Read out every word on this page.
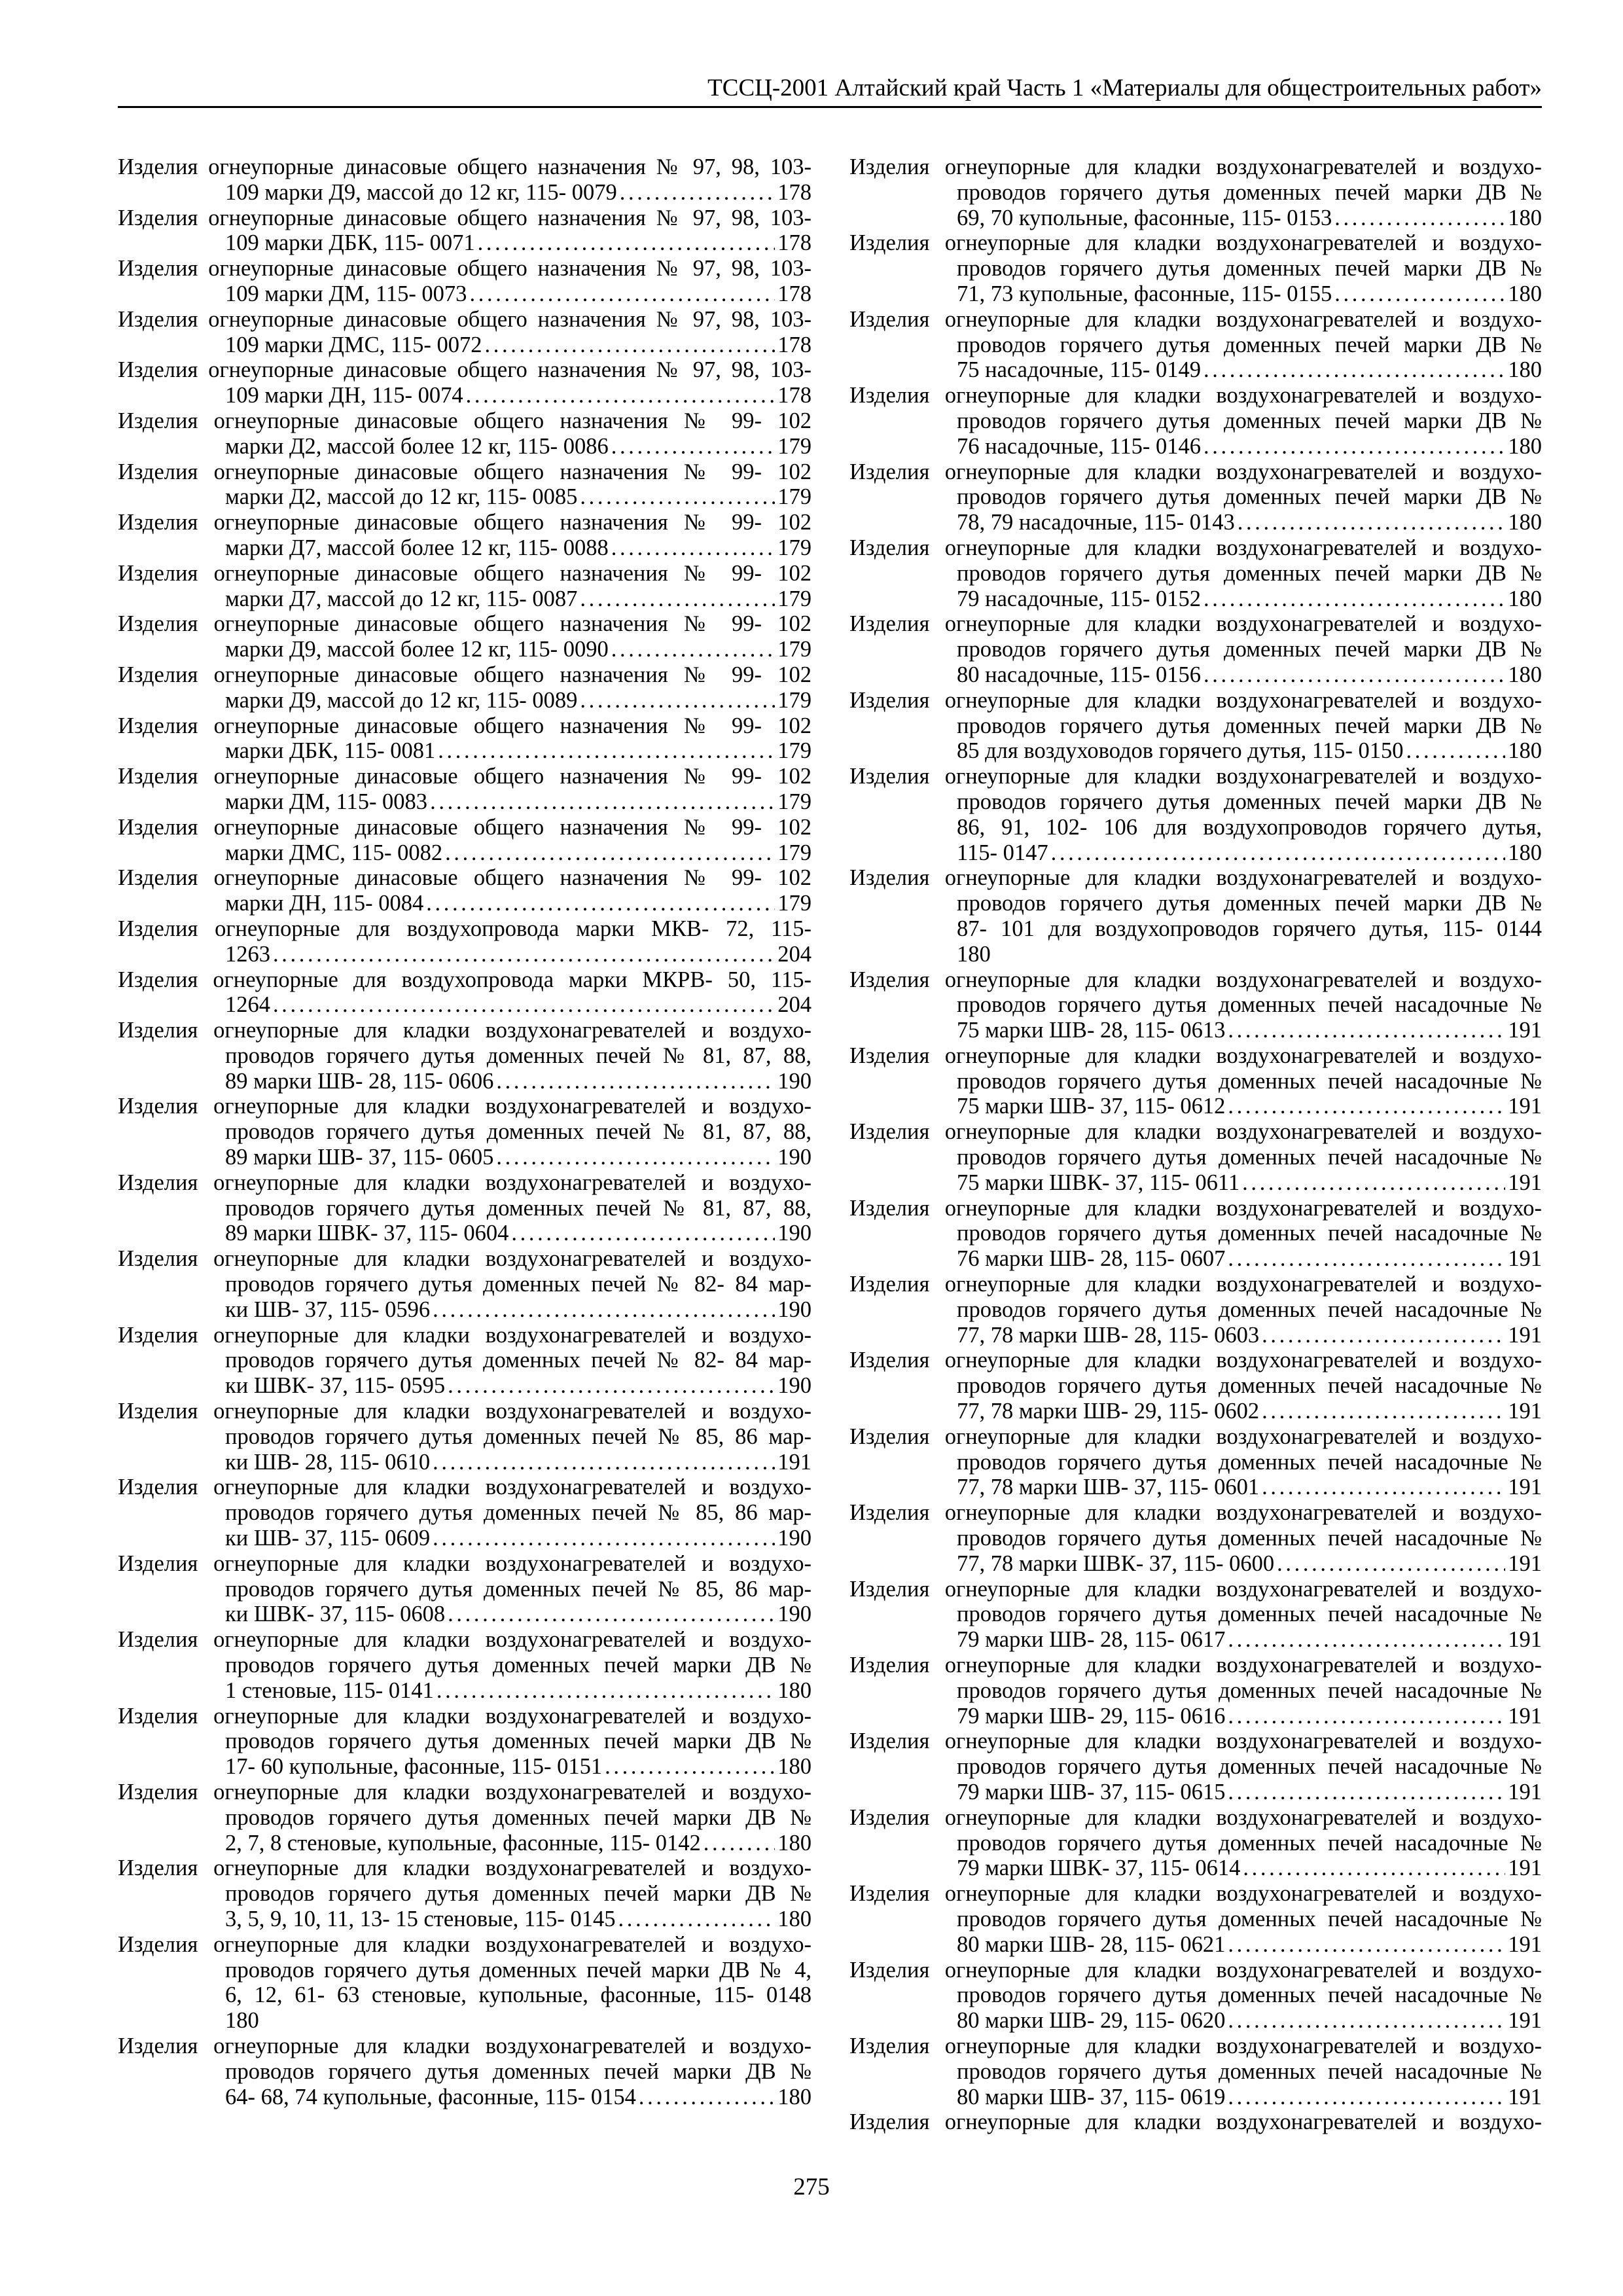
ТССЦ-2001 Алтайский край Часть 1 «Материалы для общестроительных работ»
Изделия огнеупорные динасовые общего назначения № 97, 98, 103-
109 марки Д9, массой до 12 кг, 115- 0079 . . .	178
Изделия огнеупорные динасовые общего назначения № 97, 98, 103-
109 марки ДБК, 115- 0071 . . .	178
Изделия огнеупорные динасовые общего назначения № 97, 98, 103-
109 марки ДМ, 115- 0073 . . .	178
Изделия огнеупорные динасовые общего назначения № 97, 98, 103-
109 марки ДМС, 115- 0072 . . .	178
Изделия огнеупорные динасовые общего назначения № 97, 98, 103-
109 марки ДН, 115- 0074 . . .	178
Изделия огнеупорные динасовые общего назначения № 99- 102
марки Д2, массой более 12 кг, 115- 0086 . . .	179
Изделия огнеупорные динасовые общего назначения № 99- 102
марки Д2, массой до 12 кг, 115- 0085 . . .	179
Изделия огнеупорные динасовые общего назначения № 99- 102
марки Д7, массой более 12 кг, 115- 0088 . . .	179
Изделия огнеупорные динасовые общего назначения № 99- 102
марки Д7, массой до 12 кг, 115- 0087 . . .	179
Изделия огнеупорные динасовые общего назначения № 99- 102
марки Д9, массой более 12 кг, 115- 0090 . . .	179
Изделия огнеупорные динасовые общего назначения № 99- 102
марки Д9, массой до 12 кг, 115- 0089 . . .	179
Изделия огнеупорные динасовые общего назначения № 99- 102
марки ДБК, 115- 0081 . . .	179
Изделия огнеупорные динасовые общего назначения № 99- 102
марки ДМ, 115- 0083 . . .	179
Изделия огнеупорные динасовые общего назначения № 99- 102
марки ДМС, 115- 0082 . . .	179
Изделия огнеупорные динасовые общего назначения № 99- 102
марки ДН, 115- 0084 . . .	179
Изделия огнеупорные для воздухопровода марки МКВ- 72, 115-
1263 . . .	204
Изделия огнеупорные для воздухопровода марки МКРВ- 50, 115-
1264 . . .	204
Изделия огнеупорные для кладки воздухонагревателей и воздухо-
проводов горячего дутья доменных печей № 81, 87, 88,
89 марки ШВ- 28, 115- 0606 . . .	190
Изделия огнеупорные для кладки воздухонагревателей и воздухо-
проводов горячего дутья доменных печей № 81, 87, 88,
89 марки ШВ- 37, 115- 0605 . . .	190
Изделия огнеупорные для кладки воздухонагревателей и воздухо-
проводов горячего дутья доменных печей № 81, 87, 88,
89 марки ШВК- 37, 115- 0604 . . .	190
Изделия огнеупорные для кладки воздухонагревателей и воздухо-
проводов горячего дутья доменных печей № 82- 84 мар-
ки ШВ- 37, 115- 0596 . . .	190
Изделия огнеупорные для кладки воздухонагревателей и воздухо-
проводов горячего дутья доменных печей № 82- 84 мар-
ки ШВК- 37, 115- 0595 . . .	190
Изделия огнеупорные для кладки воздухонагревателей и воздухо-
проводов горячего дутья доменных печей № 85, 86 мар-
ки ШВ- 28, 115- 0610 . . .	191
Изделия огнеупорные для кладки воздухонагревателей и воздухо-
проводов горячего дутья доменных печей № 85, 86 мар-
ки ШВ- 37, 115- 0609 . . .	190
Изделия огнеупорные для кладки воздухонагревателей и воздухо-
проводов горячего дутья доменных печей № 85, 86 мар-
ки ШВК- 37, 115- 0608 . . .	190
Изделия огнеупорные для кладки воздухонагревателей и воздухо-
проводов горячего дутья доменных печей марки ДВ №
1 стеновые, 115- 0141 . . .	180
Изделия огнеупорные для кладки воздухонагревателей и воздухо-
проводов горячего дутья доменных печей марки ДВ №
17- 60 купольные, фасонные, 115- 0151 . . .	180
Изделия огнеупорные для кладки воздухонагревателей и воздухо-
проводов горячего дутья доменных печей марки ДВ №
2, 7, 8 стеновые, купольные, фасонные, 115- 0142 . . .	180
Изделия огнеупорные для кладки воздухонагревателей и воздухо-
проводов горячего дутья доменных печей марки ДВ №
3, 5, 9, 10, 11, 13- 15 стеновые, 115- 0145 . . .	180
Изделия огнеупорные для кладки воздухонагревателей и воздухо-
проводов горячего дутья доменных печей марки ДВ № 4,
6, 12, 61- 63 стеновые, купольные, фасонные, 115- 0148
180
Изделия огнеупорные для кладки воздухонагревателей и воздухо-
проводов горячего дутья доменных печей марки ДВ №
64- 68, 74 купольные, фасонные, 115- 0154 . . .	180
Изделия огнеупорные для кладки воздухонагревателей и воздухо-
проводов горячего дутья доменных печей марки ДВ №
69, 70 купольные, фасонные, 115- 0153 . . .	180
Изделия огнеупорные для кладки воздухонагревателей и воздухо-
проводов горячего дутья доменных печей марки ДВ №
71, 73 купольные, фасонные, 115- 0155 . . .	180
Изделия огнеупорные для кладки воздухонагревателей и воздухо-
проводов горячего дутья доменных печей марки ДВ №
75 насадочные, 115- 0149 . . .	180
Изделия огнеупорные для кладки воздухонагревателей и воздухо-
проводов горячего дутья доменных печей марки ДВ №
76 насадочные, 115- 0146 . . .	180
Изделия огнеупорные для кладки воздухонагревателей и воздухо-
проводов горячего дутья доменных печей марки ДВ №
78, 79 насадочные, 115- 0143 . . .	180
Изделия огнеупорные для кладки воздухонагревателей и воздухо-
проводов горячего дутья доменных печей марки ДВ №
79 насадочные, 115- 0152 . . .	180
Изделия огнеупорные для кладки воздухонагревателей и воздухо-
проводов горячего дутья доменных печей марки ДВ №
80 насадочные, 115- 0156 . . .	180
Изделия огнеупорные для кладки воздухонагревателей и воздухо-
проводов горячего дутья доменных печей марки ДВ №
85 для воздуховодов горячего дутья, 115- 0150 . . .	180
Изделия огнеупорные для кладки воздухонагревателей и воздухо-
проводов горячего дутья доменных печей марки ДВ №
86, 91, 102- 106 для воздухопроводов горячего дутья,
115- 0147 . . .	180
Изделия огнеупорные для кладки воздухонагревателей и воздухо-
проводов горячего дутья доменных печей марки ДВ №
87- 101 для воздухопроводов горячего дутья, 115- 0144
180
Изделия огнеупорные для кладки воздухонагревателей и воздухо-
проводов горячего дутья доменных печей насадочные №
75 марки ШВ- 28, 115- 0613 . . .	191
Изделия огнеупорные для кладки воздухонагревателей и воздухо-
проводов горячего дутья доменных печей насадочные №
75 марки ШВ- 37, 115- 0612 . . .	191
Изделия огнеупорные для кладки воздухонагревателей и воздухо-
проводов горячего дутья доменных печей насадочные №
75 марки ШВК- 37, 115- 0611 . . .	191
Изделия огнеупорные для кладки воздухонагревателей и воздухо-
проводов горячего дутья доменных печей насадочные №
76 марки ШВ- 28, 115- 0607 . . .	191
Изделия огнеупорные для кладки воздухонагревателей и воздухо-
проводов горячего дутья доменных печей насадочные №
77, 78 марки ШВ- 28, 115- 0603 . . .	191
Изделия огнеупорные для кладки воздухонагревателей и воздухо-
проводов горячего дутья доменных печей насадочные №
77, 78 марки ШВ- 29, 115- 0602 . . .	191
Изделия огнеупорные для кладки воздухонагревателей и воздухо-
проводов горячего дутья доменных печей насадочные №
77, 78 марки ШВ- 37, 115- 0601 . . .	191
Изделия огнеупорные для кладки воздухонагревателей и воздухо-
проводов горячего дутья доменных печей насадочные №
77, 78 марки ШВК- 37, 115- 0600 . . .	191
Изделия огнеупорные для кладки воздухонагревателей и воздухо-
проводов горячего дутья доменных печей насадочные №
79 марки ШВ- 28, 115- 0617 . . .	191
Изделия огнеупорные для кладки воздухонагревателей и воздухо-
проводов горячего дутья доменных печей насадочные №
79 марки ШВ- 29, 115- 0616 . . .	191
Изделия огнеупорные для кладки воздухонагревателей и воздухо-
проводов горячего дутья доменных печей насадочные №
79 марки ШВ- 37, 115- 0615 . . .	191
Изделия огнеупорные для кладки воздухонагревателей и воздухо-
проводов горячего дутья доменных печей насадочные №
79 марки ШВК- 37, 115- 0614 . . .	191
Изделия огнеупорные для кладки воздухонагревателей и воздухо-
проводов горячего дутья доменных печей насадочные №
80 марки ШВ- 28, 115- 0621 . . .	191
Изделия огнеупорные для кладки воздухонагревателей и воздухо-
проводов горячего дутья доменных печей насадочные №
80 марки ШВ- 29, 115- 0620 . . .	191
Изделия огнеупорные для кладки воздухонагревателей и воздухо-
проводов горячего дутья доменных печей насадочные №
80 марки ШВ- 37, 115- 0619 . . .	191
Изделия огнеупорные для кладки воздухонагревателей и воздухо-
275
